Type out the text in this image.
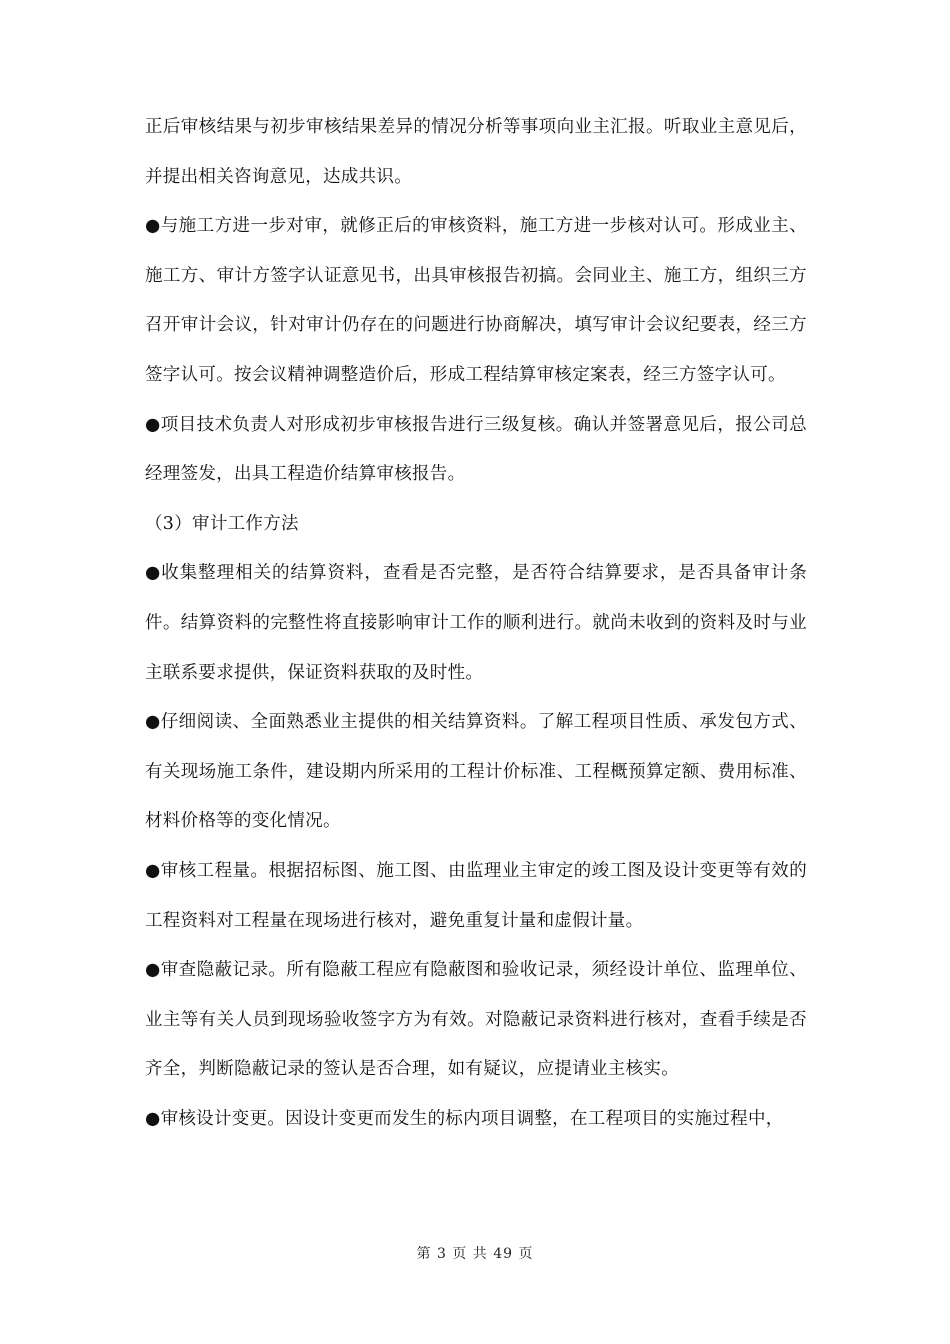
正后审核结果与初步审核结果差异的情况分析等事项向业主汇报。听取业主意见后，并提出相关咨询意见，达成共识。

●与施工方进一步对审，就修正后的审核资料，施工方进一步核对认可。形成业主、施工方、审计方签字认证意见书，出具审核报告初搞。会同业主、施工方，组织三方召开审计会议，针对审计仍存在的问题进行协商解决，填写审计会议纪要表，经三方签字认可。按会议精神调整造价后，形成工程结算审核定案表，经三方签字认可。

●项目技术负责人对形成初步审核报告进行三级复核。确认并签署意见后，报公司总经理签发，出具工程造价结算审核报告。

（3）审计工作方法

●收集整理相关的结算资料，查看是否完整，是否符合结算要求，是否具备审计条件。结算资料的完整性将直接影响审计工作的顺利进行。就尚未收到的资料及时与业主联系要求提供，保证资料获取的及时性。

●仔细阅读、全面熟悉业主提供的相关结算资料。了解工程项目性质、承发包方式、有关现场施工条件，建设期内所采用的工程计价标准、工程概预算定额、费用标准、材料价格等的变化情况。

●审核工程量。根据招标图、施工图、由监理业主审定的竣工图及设计变更等有效的工程资料对工程量在现场进行核对，避免重复计量和虚假计量。

●审查隐蔽记录。所有隐蔽工程应有隐蔽图和验收记录，须经设计单位、监理单位、业主等有关人员到现场验收签字方为有效。对隐蔽记录资料进行核对，查看手续是否齐全，判断隐蔽记录的签认是否合理，如有疑议，应提请业主核实。

●审核设计变更。因设计变更而发生的标内项目调整，在工程项目的实施过程中，

第 3 页 共 49 页
